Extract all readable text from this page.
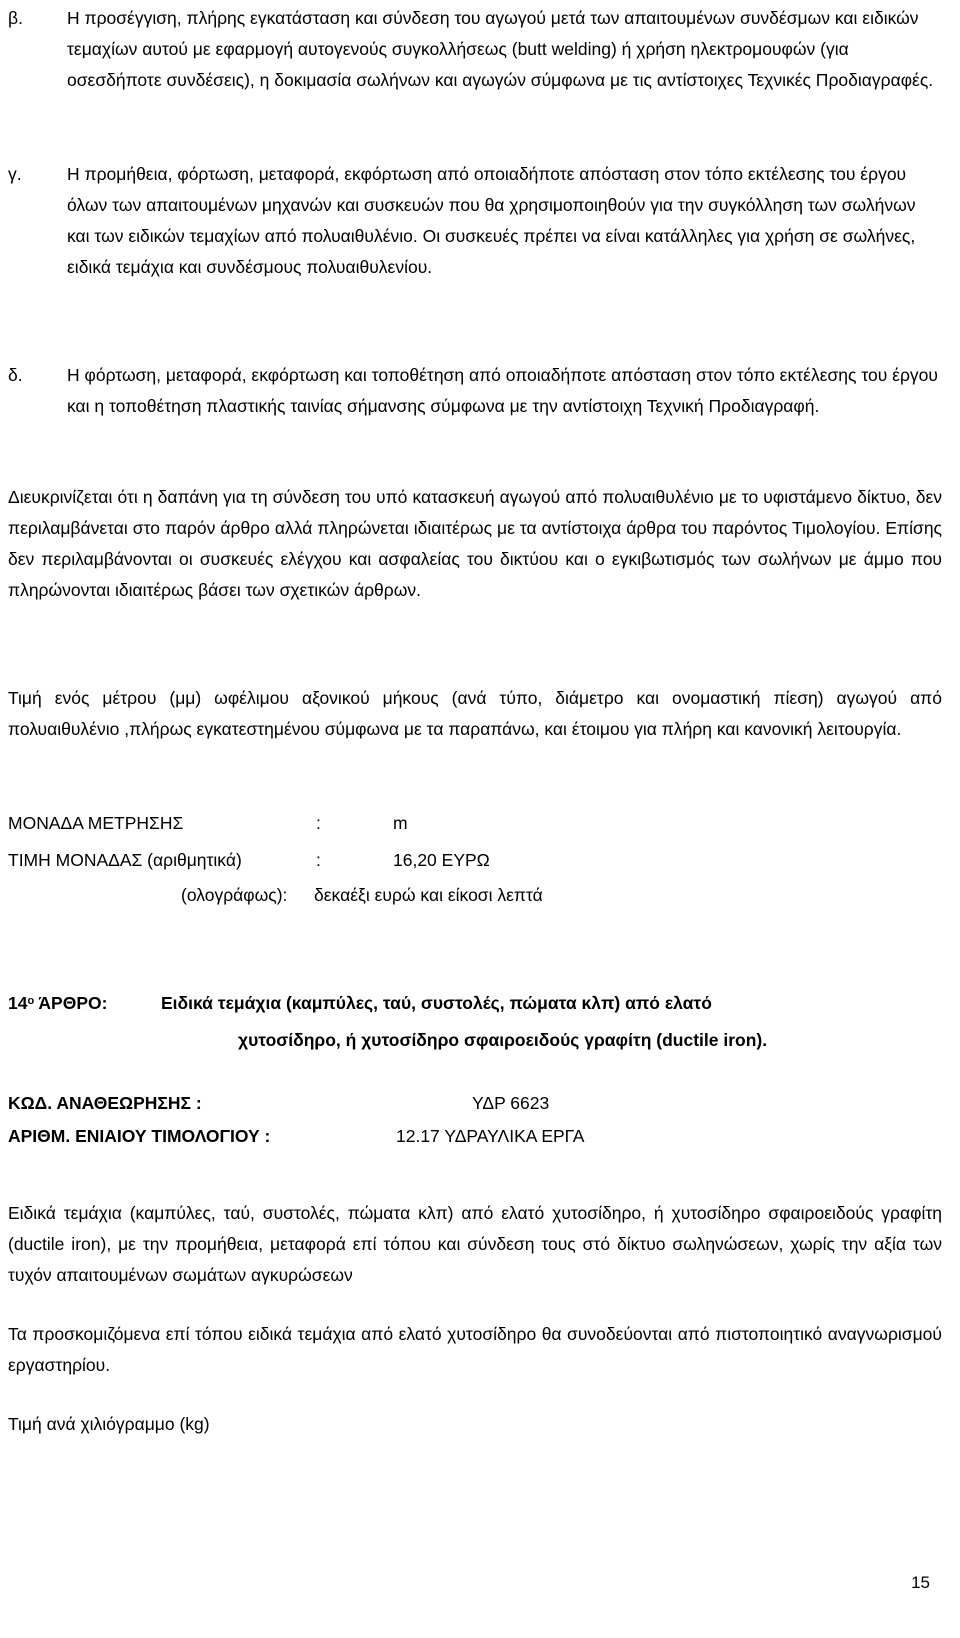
β.	Η προσέγγιση, πλήρης εγκατάσταση και σύνδεση του αγωγού μετά των απαιτουμένων συνδέσμων και ειδικών τεμαχίων αυτού με εφαρμογή αυτογενούς συγκολλήσεως (butt welding) ή χρήση ηλεκτρομουφών (για οσεσδήποτε συνδέσεις), η δοκιμασία σωλήνων και αγωγών σύμφωνα με τις αντίστοιχες Τεχνικές Προδιαγραφές.
γ.	Η προμήθεια, φόρτωση, μεταφορά, εκφόρτωση από οποιαδήποτε απόσταση στον τόπο εκτέλεσης του έργου όλων των απαιτουμένων μηχανών και συσκευών που θα χρησιμοποιηθούν για την συγκόλληση των σωλήνων και των ειδικών τεμαχίων από πολυαιθυλένιο. Οι συσκευές πρέπει να είναι κατάλληλες για χρήση σε σωλήνες, ειδικά τεμάχια και συνδέσμους πολυαιθυλενίου.
δ.	Η φόρτωση, μεταφορά, εκφόρτωση και τοποθέτηση από οποιαδήποτε απόσταση στον τόπο εκτέλεσης του έργου και η τοποθέτηση πλαστικής ταινίας σήμανσης σύμφωνα με την αντίστοιχη Τεχνική Προδιαγραφή.
Διευκρινίζεται ότι η δαπάνη για τη σύνδεση του υπό κατασκευή αγωγού από πολυαιθυλένιο με το υφιστάμενο δίκτυο, δεν περιλαμβάνεται στο παρόν άρθρο αλλά πληρώνεται ιδιαιτέρως με τα αντίστοιχα άρθρα του παρόντος Τιμολογίου. Επίσης δεν περιλαμβάνονται οι συσκευές ελέγχου και ασφαλείας του δικτύου και ο εγκιβωτισμός των σωλήνων με άμμο που πληρώνονται ιδιαιτέρως βάσει των σχετικών άρθρων.
Τιμή ενός μέτρου (μμ) ωφέλιμου αξονικού μήκους (ανά τύπο, διάμετρο και ονομαστική πίεση) αγωγού από πολυαιθυλένιο ,πλήρως εγκατεστημένου σύμφωνα με τα παραπάνω, και έτοιμου για πλήρη και κανονική λειτουργία.
ΜΟΝΑΔΑ ΜΕΤΡΗΣΗΣ	:	m
ΤΙΜΗ ΜΟΝΑΔΑΣ (αριθμητικά)	:	16,20 ΕΥΡΩ
(ολογράφως): δεκαέξι ευρώ και είκοσι λεπτά
$14^o$ ΆΡΘΡΟ:	Ειδικά τεμάχια (καμπύλες, ταύ, συστολές, πώματα κλπ) από ελατό
χυτοσίδηρο, ή χυτοσίδηρο σφαιροειδούς γραφίτη (ductile iron).
ΚΩΔ. ΑΝΑΘΕΩΡΗΣΗΣ :	ΥΔΡ 6623
ΑΡΙΘΜ. ΕΝΙΑΙΟΥ ΤΙΜΟΛΟΓΙΟΥ :	12.17 ΥΔΡΑΥΛΙΚΑ ΕΡΓΑ
Ειδικά τεμάχια (καμπύλες, ταύ, συστολές, πώματα κλπ) από ελατό χυτοσίδηρο, ή χυτοσίδηρο σφαιροειδούς γραφίτη (ductile iron), με την προμήθεια, μεταφορά επί τόπου και σύνδεση τους στό δίκτυο σωληνώσεων, χωρίς την αξία των τυχόν απαιτουμένων σωμάτων αγκυρώσεων
Τα προσκομιζόμενα επί τόπου ειδικά τεμάχια από ελατό χυτοσίδηρο θα συνοδεύονται από πιστοποιητικό αναγνωρισμού εργαστηρίου.
Τιμή ανά χιλιόγραμμο (kg)
15
